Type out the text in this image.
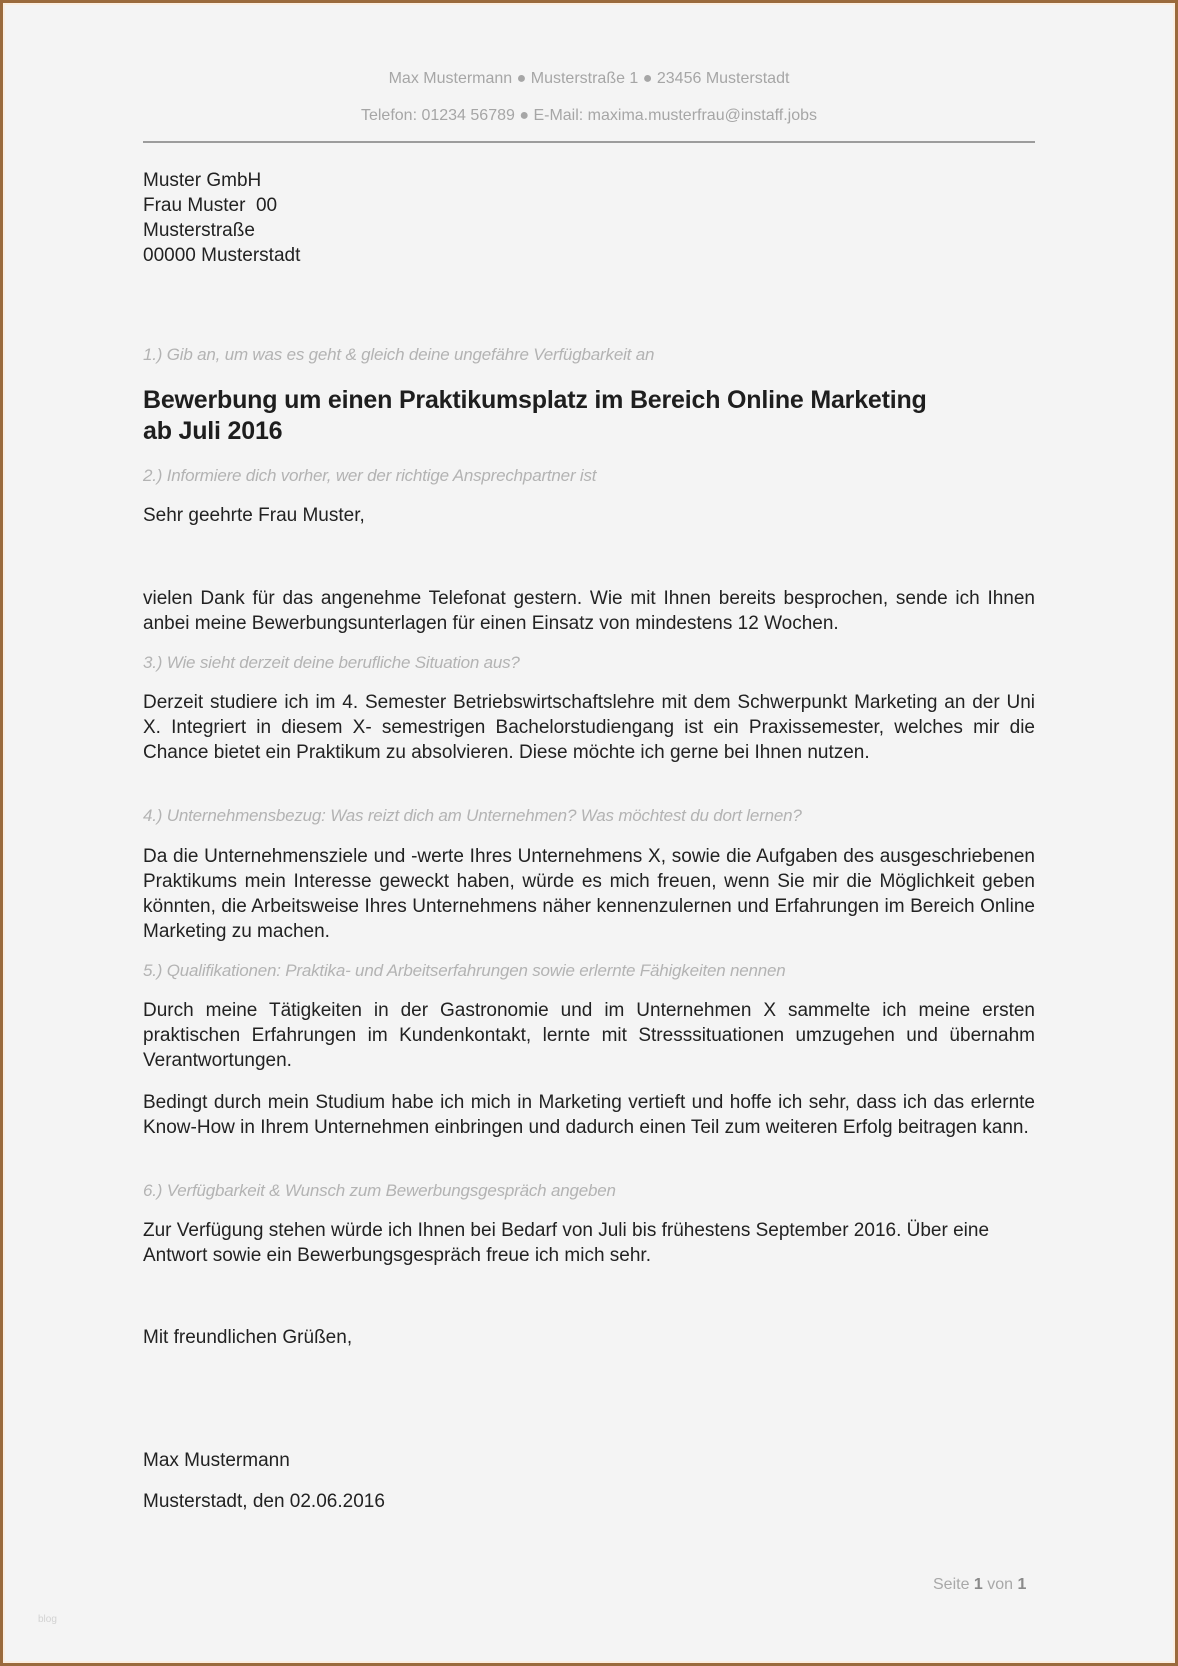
Max Mustermann ● Musterstraße 1 ● 23456 Musterstadt
Telefon: 01234 56789 ● E-Mail: maxima.musterfrau@instaff.jobs
Muster GmbH
Frau Muster  00
Musterstraße
00000 Musterstadt
1.) Gib an, um was es geht & gleich deine ungefähre Verfügbarkeit an
Bewerbung um einen Praktikumsplatz im Bereich Online Marketing
ab Juli 2016
2.) Informiere dich vorher, wer der richtige Ansprechpartner ist
Sehr geehrte Frau Muster,
vielen Dank für das angenehme Telefonat gestern. Wie mit Ihnen bereits besprochen, sende ich Ihnen anbei meine Bewerbungsunterlagen für einen Einsatz von mindestens 12 Wochen.
3.) Wie sieht derzeit deine berufliche Situation aus?
Derzeit studiere ich im 4. Semester Betriebswirtschaftslehre mit dem Schwerpunkt Marketing an der Uni X. Integriert in diesem X- semestrigen Bachelorstudiengang ist ein Praxissemester, welches mir die Chance bietet ein Praktikum zu absolvieren. Diese möchte ich gerne bei Ihnen nutzen.
4.) Unternehmensbezug: Was reizt dich am Unternehmen? Was möchtest du dort lernen?
Da die Unternehmensziele und -werte Ihres Unternehmens X, sowie die Aufgaben des ausgeschriebenen Praktikums mein Interesse geweckt haben, würde es mich freuen, wenn Sie mir die Möglichkeit geben könnten, die Arbeitsweise Ihres Unternehmens näher kennenzulernen und Erfahrungen im Bereich Online Marketing zu machen.
5.) Qualifikationen: Praktika- und Arbeitserfahrungen sowie erlernte Fähigkeiten nennen
Durch meine Tätigkeiten in der Gastronomie und im Unternehmen X sammelte ich meine ersten praktischen Erfahrungen im Kundenkontakt, lernte mit Stresssituationen umzugehen und übernahm Verantwortungen.
Bedingt durch mein Studium habe ich mich in Marketing vertieft und hoffe ich sehr, dass ich das erlernte Know-How in Ihrem Unternehmen einbringen und dadurch einen Teil zum weiteren Erfolg beitragen kann.
6.) Verfügbarkeit & Wunsch zum Bewerbungsgespräch angeben
Zur Verfügung stehen würde ich Ihnen bei Bedarf von Juli bis frühestens September 2016. Über eine Antwort sowie ein Bewerbungsgespräch freue ich mich sehr.
Mit freundlichen Grüßen,
Max Mustermann
Musterstadt, den 02.06.2016
Seite 1 von 1
blog
